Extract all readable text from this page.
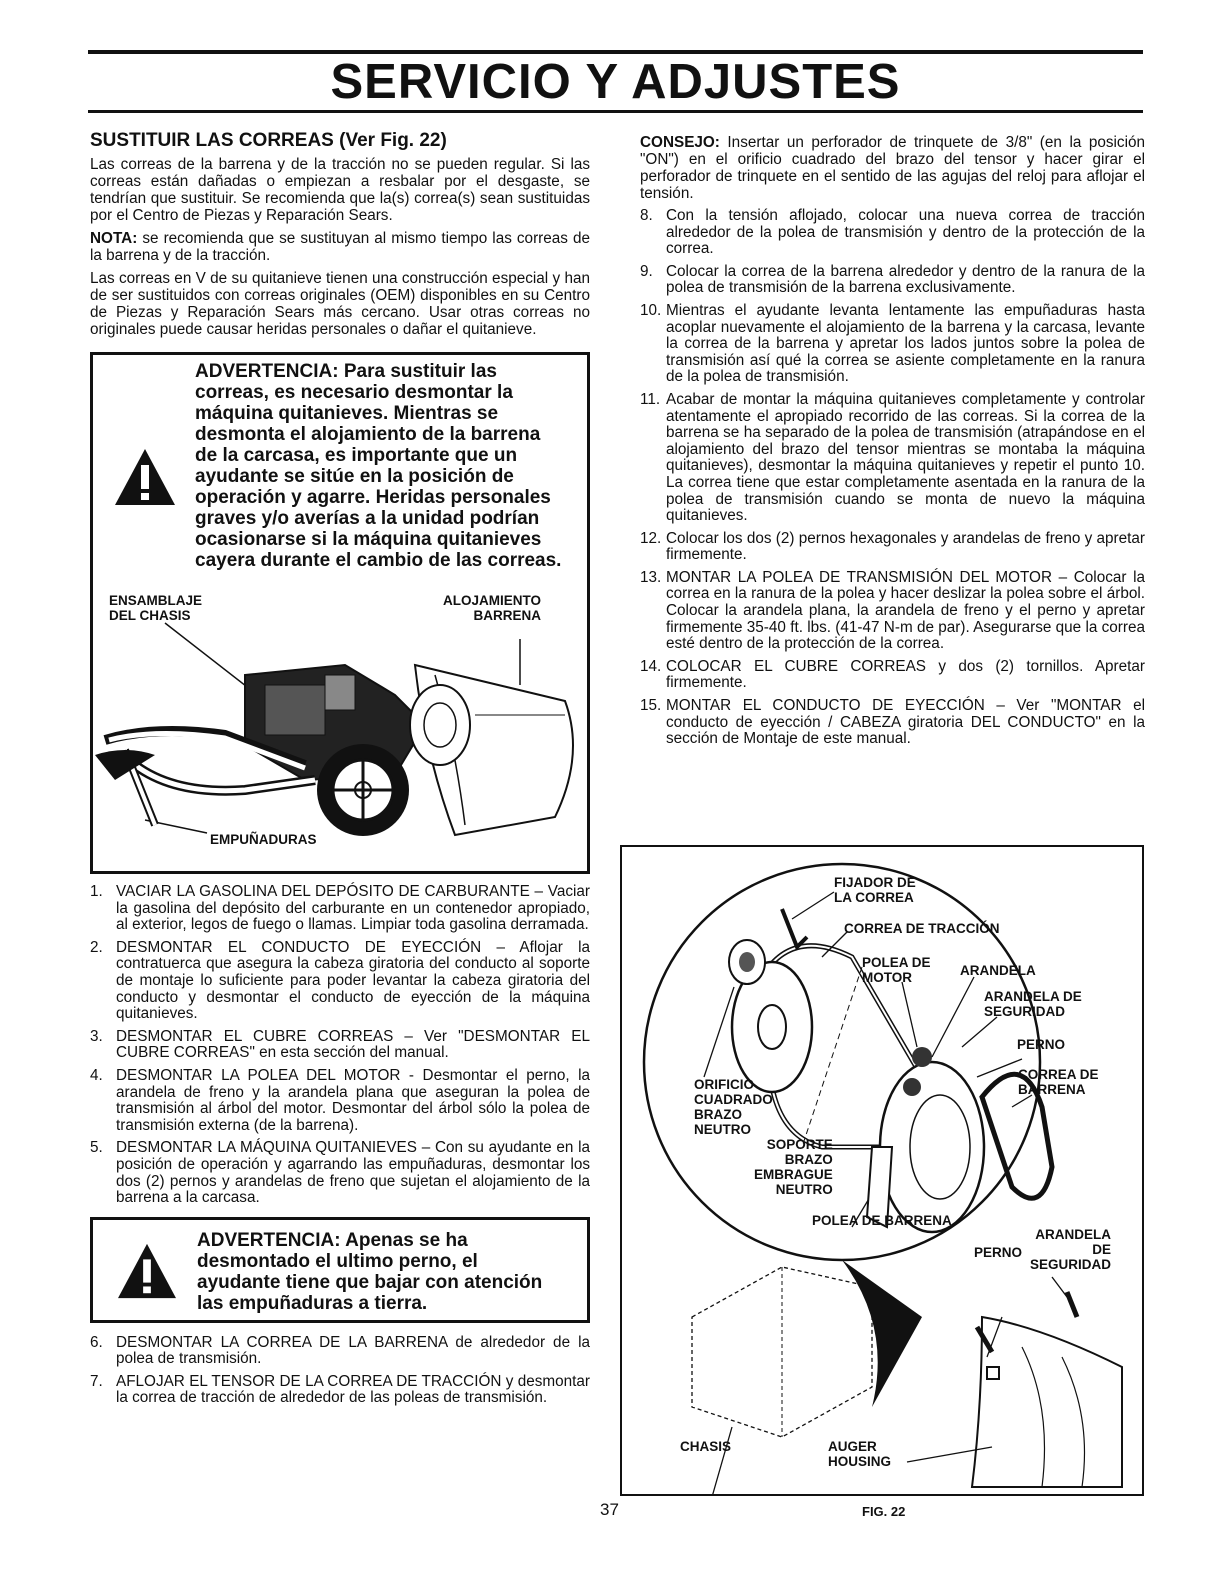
SERVICIO Y ADJUSTES
SUSTITUIR LAS CORREAS (Ver Fig. 22)

Las correas de la barrena y de la tracción no se pueden regular. Si las correas están dañadas o empiezan a resbalar por el desgaste, se tendrían que sustituir. Se recomienda que la(s) correa(s) sean sustituidas por el Centro de Piezas y Reparación Sears.

NOTA: se recomienda que se sustituyan al mismo tiempo las correas de la barrena y de la tracción.

Las correas en V de su quitanieve tienen una construcción especial y han de ser sustituidos con correas originales (OEM) disponibles en su Centro de Piezas y Reparación Sears más cercano. Usar otras correas no originales puede causar heridas personales o dañar el quitanieve.

ADVERTENCIA: Para sustituir las correas, es necesario desmontar la máquina quitanieves. Mientras se desmonta el alojamiento de la barrena de la carcasa, es importante que un ayudante se sitúe en la posición de operación y agarre. Heridas personales graves y/o averías a la unidad podrían ocasionarse si la máquina quitanieves cayera durante el cambio de las correas.
ENSAMBLAJE
DEL CHASIS
ALOJAMIENTO
BARRENA
EMPUÑADURAS
1. VACIAR LA GASOLINA DEL DEPÓSITO DE CARBURANTE – Vaciar la gasolina del depósito del carburante en un contenedor apropiado, al exterior, legos de fuego o llamas. Limpiar toda gasolina derramada.
2. DESMONTAR EL CONDUCTO DE EYECCIÓN – Aflojar la contratuerca que asegura la cabeza giratoria del conducto al soporte de montaje lo suficiente para poder levantar la cabeza giratoria del conducto y desmontar el conducto de eyección de la máquina quitanieves.
3. DESMONTAR EL CUBRE CORREAS – Ver "DESMONTAR EL CUBRE CORREAS" en esta sección del manual.
4. DESMONTAR LA POLEA DEL MOTOR - Desmontar el perno, la arandela de freno y la arandela plana que aseguran la polea de transmisión al árbol del motor. Desmontar del árbol sólo la polea de transmisión externa (de la barrena).
5. DESMONTAR LA MÁQUINA QUITANIEVES – Con su ayudante en la posición de operación y agarrando las empuñaduras, desmontar los dos (2) pernos y arandelas de freno que sujetan el alojamiento de la barrena a la carcasa.
ADVERTENCIA: Apenas se ha desmontado el ultimo perno, el ayudante tiene que bajar con atención las empuñaduras a tierra.
6. DESMONTAR LA CORREA DE LA BARRENA de alrededor de la polea de transmisión.
7. AFLOJAR EL TENSOR DE LA CORREA DE TRACCIÓN y desmontar la correa de tracción de alrededor de las poleas de transmisión.

CONSEJO: Insertar un perforador de trinquete de 3/8" (en la posición "ON") en el orificio cuadrado del brazo del tensor y hacer girar el perforador de trinquete en el sentido de las agujas del reloj para aflojar el tensión.

8. Con la tensión aflojado, colocar una nueva correa de tracción alrededor de la polea de transmisión y dentro de la protección de la correa.
9. Colocar la correa de la barrena alrededor y dentro de la ranura de la polea de transmisión de la barrena exclusivamente.
10. Mientras el ayudante levanta lentamente las empuñaduras hasta acoplar nuevamente el alojamiento de la barrena y la carcasa, levante la correa de la barrena y apretar los lados juntos sobre la polea de transmisión así qué la correa se asiente completamente en la ranura de la polea de transmisión.
11. Acabar de montar la máquina quitanieves completamente y controlar atentamente el apropiado recorrido de las correas. Si la correa de la barrena se ha separado de la polea de transmisión (atrapándose en el alojamiento del brazo del tensor mientras se montaba la máquina quitanieves), desmontar la máquina quitanieves y repetir el punto 10. La correa tiene que estar completamente asentada en la ranura de la polea de transmisión cuando se monta de nuevo la máquina quitanieves.
12. Colocar los dos (2) pernos hexagonales y arandelas de freno y apretar firmemente.
13. MONTAR LA POLEA DE TRANSMISIÓN DEL MOTOR – Colocar la correa en la ranura de la polea y hacer deslizar la polea sobre el árbol. Colocar la arandela plana, la arandela de freno y el perno y apretar firmemente 35-40 ft. lbs. (41-47 N-m de par). Asegurarse que la correa esté dentro de la protección de la correa.
14. COLOCAR EL CUBRE CORREAS y dos (2) tornillos. Apretar firmemente.
15. MONTAR EL CONDUCTO DE EYECCIÓN – Ver "MONTAR el conducto de eyección / CABEZA giratoria DEL CONDUCTO" en la sección de Montaje de este manual.
FIJADOR DE
LA CORREA
CORREA DE TRACCIÓN
POLEA DE
MOTOR	ARANDELA
ARANDELA DE
SEGURIDAD
PERNO
CORREA DE
BARRENA
ORIFICIO
CUADRADO
BRAZO
NEUTRO
SOPORTE
BRAZO
EMBRAGUE
NEUTRO
POLEA DE BARRENA
PERNO
ARANDELA
DE
SEGURIDAD
CHASIS	AUGER
HOUSING
FIG. 22
37
